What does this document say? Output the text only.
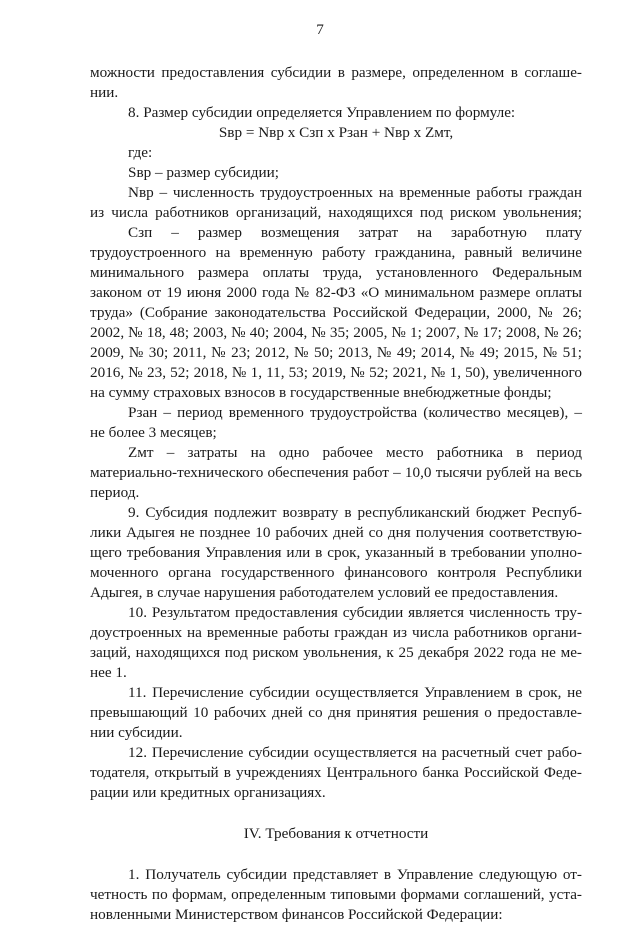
7
можности предоставления субсидии в размере, определенном в соглаше-
нии.
8. Размер субсидии определяется Управлением по формуле:
Sвр = Nвр x Сзп x Рзан + Nвр x Zмт,
где:
Sвр – размер субсидии;
Nвр – численность трудоустроенных на временные работы граждан
из числа работников организаций, находящихся под риском увольнения;
Сзп – размер возмещения затрат на заработную плату
трудоустроенного на временную работу гражданина, равный величине
минимального размера оплаты труда, установленного Федеральным
законом от 19 июня 2000 года № 82-ФЗ «О минимальном размере оплаты
труда» (Собрание законодательства Российской Федерации, 2000, № 26;
2002, № 18, 48; 2003, № 40; 2004, № 35; 2005, № 1; 2007, № 17; 2008, № 26;
2009, № 30; 2011, № 23; 2012, № 50; 2013, № 49; 2014, № 49; 2015, № 51;
2016, № 23, 52; 2018, № 1, 11, 53; 2019, № 52; 2021, № 1, 50), увеличенного
на сумму страховых взносов в государственные внебюджетные фонды;
Рзан – период временного трудоустройства (количество месяцев), –
не более 3 месяцев;
Zмт – затраты на одно рабочее место работника в период
материально-технического обеспечения работ – 10,0 тысячи рублей на весь
период.
9. Субсидия подлежит возврату в республиканский бюджет Респуб-
лики Адыгея не позднее 10 рабочих дней со дня получения соответствую-
щего требования Управления или в срок, указанный в требовании уполно-
моченного органа государственного финансового контроля Республики
Адыгея, в случае нарушения работодателем условий ее предоставления.
10. Результатом предоставления субсидии является численность тру-
доустроенных на временные работы граждан из числа работников органи-
заций, находящихся под риском увольнения, к 25 декабря 2022 года не ме-
нее 1.
11. Перечисление субсидии осуществляется Управлением в срок, не
превышающий 10 рабочих дней со дня принятия решения о предоставле-
нии субсидии.
12. Перечисление субсидии осуществляется на расчетный счет рабо-
тодателя, открытый в учреждениях Центрального банка Российской Феде-
рации или кредитных организациях.
IV. Требования к отчетности
1. Получатель субсидии представляет в Управление следующую от-
четность по формам, определенным типовыми формами соглашений, уста-
новленными Министерством финансов Российской Федерации:
